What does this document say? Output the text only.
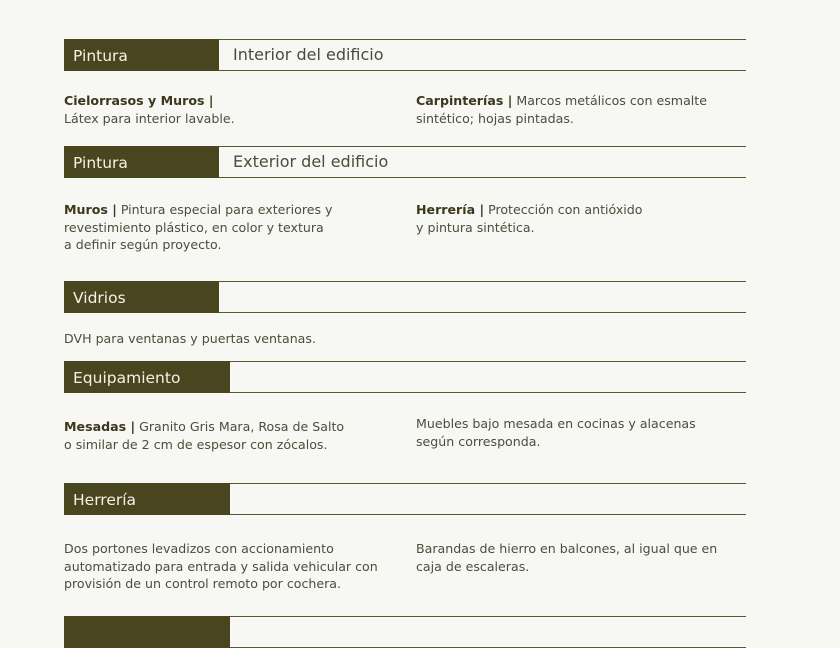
Pintura	Interior del edificio
Cielorrasos y Muros |
Látex para interior lavable.
Carpinterías | Marcos metálicos con esmalte
sintético; hojas pintadas.
Pintura	Exterior del edificio
Muros | Pintura especial para exteriores y
revestimiento plástico, en color y textura
a definir según proyecto.
Herrería | Protección con antióxido
y pintura sintética.
Vidrios
DVH para ventanas y puertas ventanas.
Equipamiento
Mesadas | Granito Gris Mara, Rosa de Salto
o similar de 2 cm de espesor con zócalos.
Muebles bajo mesada en cocinas y alacenas
según corresponda.
Herrería
Dos portones levadizos con accionamiento
automatizado para entrada y salida vehicular con
provisión de un control remoto por cochera.
Barandas de hierro en balcones, al igual que en
caja de escaleras.
